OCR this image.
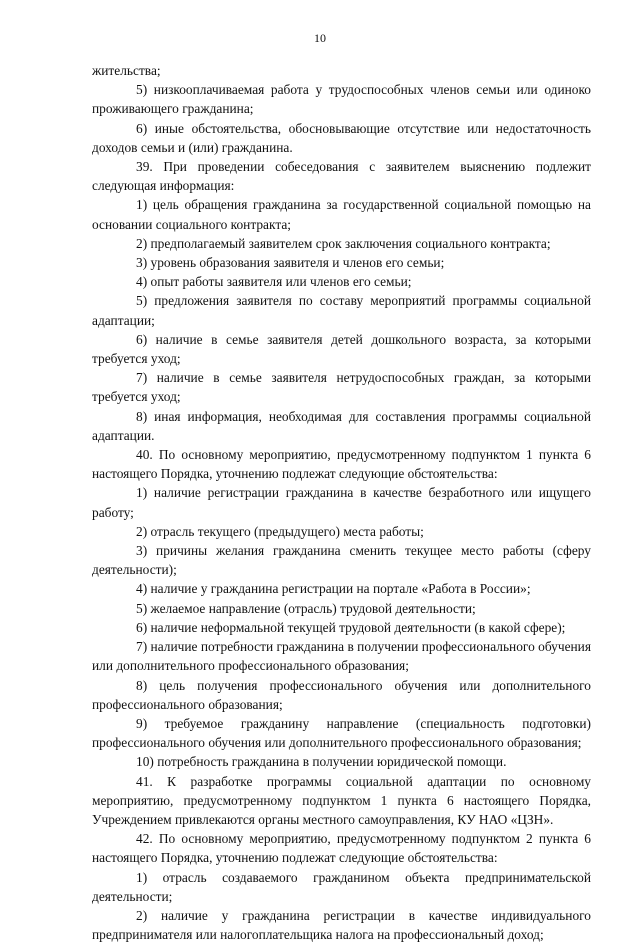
10

жительства;

5) низкооплачиваемая работа у трудоспособных членов семьи или одиноко проживающего гражданина;

6) иные обстоятельства, обосновывающие отсутствие или недостаточность доходов семьи и (или) гражданина.

39. При проведении собеседования с заявителем выяснению подлежит следующая информация:

1) цель обращения гражданина за государственной социальной помощью на основании социального контракта;

2) предполагаемый заявителем срок заключения социального контракта;

3) уровень образования заявителя и членов его семьи;

4) опыт работы заявителя или членов его семьи;

5) предложения заявителя по составу мероприятий программы социальной адаптации;

6) наличие в семье заявителя детей дошкольного возраста, за которыми требуется уход;

7) наличие в семье заявителя нетрудоспособных граждан, за которыми требуется уход;

8) иная информация, необходимая для составления программы социальной адаптации.

40. По основному мероприятию, предусмотренному подпунктом 1 пункта 6 настоящего Порядка, уточнению подлежат следующие обстоятельства:

1) наличие регистрации гражданина в качестве безработного или ищущего работу;

2) отрасль текущего (предыдущего) места работы;

3) причины желания гражданина сменить текущее место работы (сферу деятельности);

4) наличие у гражданина регистрации на портале «Работа в России»;

5) желаемое направление (отрасль) трудовой деятельности;

6) наличие неформальной текущей трудовой деятельности (в какой сфере);

7) наличие потребности гражданина в получении профессионального обучения или дополнительного профессионального образования;

8) цель получения профессионального обучения или дополнительного профессионального образования;

9) требуемое гражданину направление (специальность подготовки) профессионального обучения или дополнительного профессионального образования;

10) потребность гражданина в получении юридической помощи.

41. К разработке программы социальной адаптации по основному мероприятию, предусмотренному подпунктом 1 пункта 6 настоящего Порядка, Учреждением привлекаются органы местного самоуправления, КУ НАО «ЦЗН».

42. По основному мероприятию, предусмотренному подпунктом 2 пункта 6 настоящего Порядка, уточнению подлежат следующие обстоятельства:

1) отрасль создаваемого гражданином объекта предпринимательской деятельности;

2) наличие у гражданина регистрации в качестве индивидуального предпринимателя или налогоплательщика налога на профессиональный доход;
